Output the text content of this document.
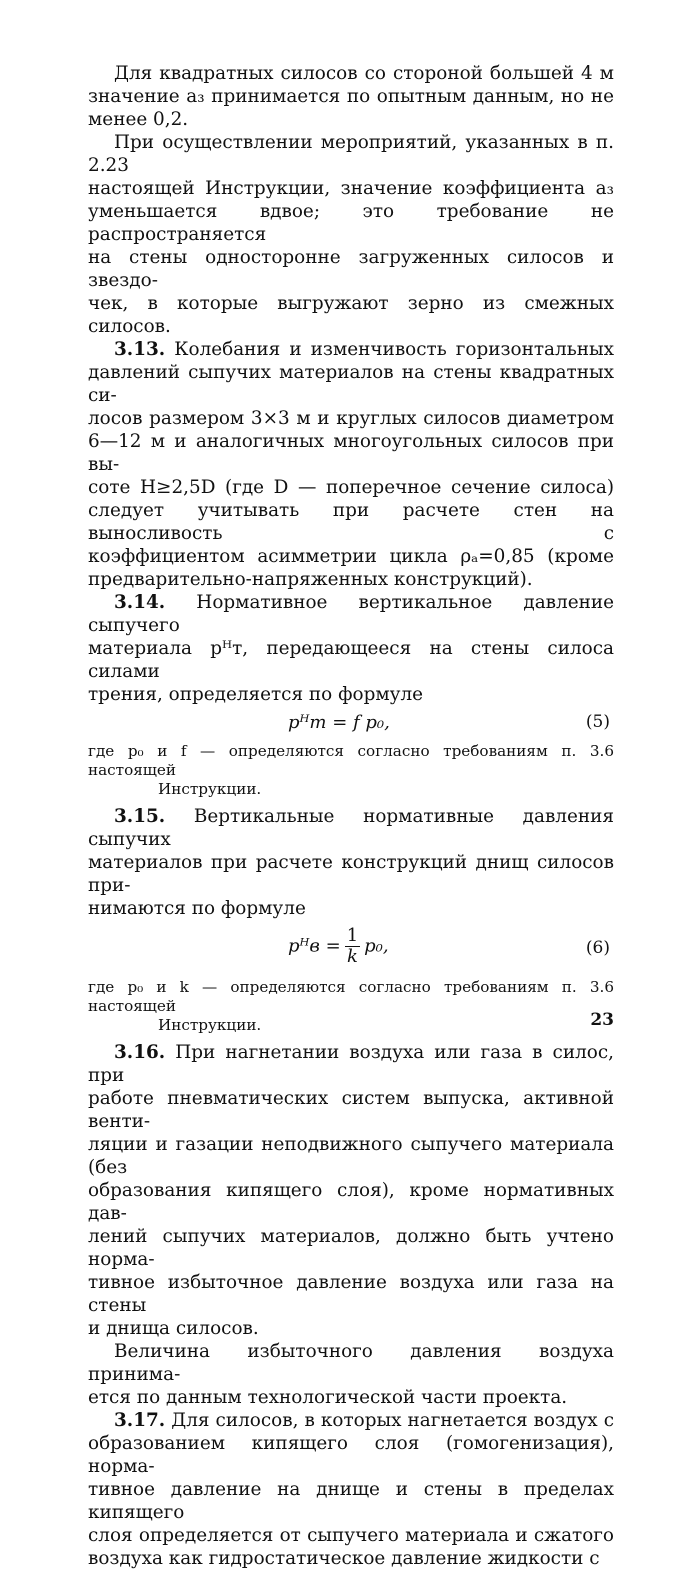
Для квадратных силосов со стороной большей 4 м

значение a₃ принимается по опытным данным, но не

менее 0,2.

При осуществлении мероприятий, указанных в п. 2.23

настоящей Инструкции, значение коэффициента a₃

уменьшается вдвое; это требование не распространяется

на стены односторонне загруженных силосов и звездо-

чек, в которые выгружают зерно из смежных силосов.

3.13. Колебания и изменчивость горизонтальных

давлений сыпучих материалов на стены квадратных си-

лосов размером 3×3 м и круглых силосов диаметром

6—12 м и аналогичных многоугольных силосов при вы-

соте H≥2,5D (где D — поперечное сечение силоса)

следует учитывать при расчете стен на выносливость с

коэффициентом асимметрии цикла ρₐ=0,85 (кроме

предварительно-напряженных конструкций).

3.14. Нормативное вертикальное давление сыпучего

материала pᴴт, передающееся на стены силоса силами

трения, определяется по формуле

pᴴт = f p₀,	(5)

где p₀ и f — определяются согласно требованиям п. 3.6 настоящей

Инструкции.

3.15. Вертикальные нормативные давления сыпучих

материалов при расчете конструкций днищ силосов при-

нимаются по формуле

pᴴв = $\frac{1}{k} p_0$,	(6)

где p₀ и k — определяются согласно требованиям п. 3.6 настоящей

Инструкции.

3.16. При нагнетании воздуха или газа в силос, при

работе пневматических систем выпуска, активной венти-

ляции и газации неподвижного сыпучего материала (без

образования кипящего слоя), кроме нормативных дав-

лений сыпучих материалов, должно быть учтено норма-

тивное избыточное давление воздуха или газа на стены

и днища силосов.

Величина избыточного давления воздуха принима-

ется по данным технологической части проекта.

3.17. Для силосов, в которых нагнетается воздух с

образованием кипящего слоя (гомогенизация), норма-

тивное давление на днище и стены в пределах кипящего

слоя определяется от сыпучего материала и сжатого

воздуха как гидростатическое давление жидкости с

23
